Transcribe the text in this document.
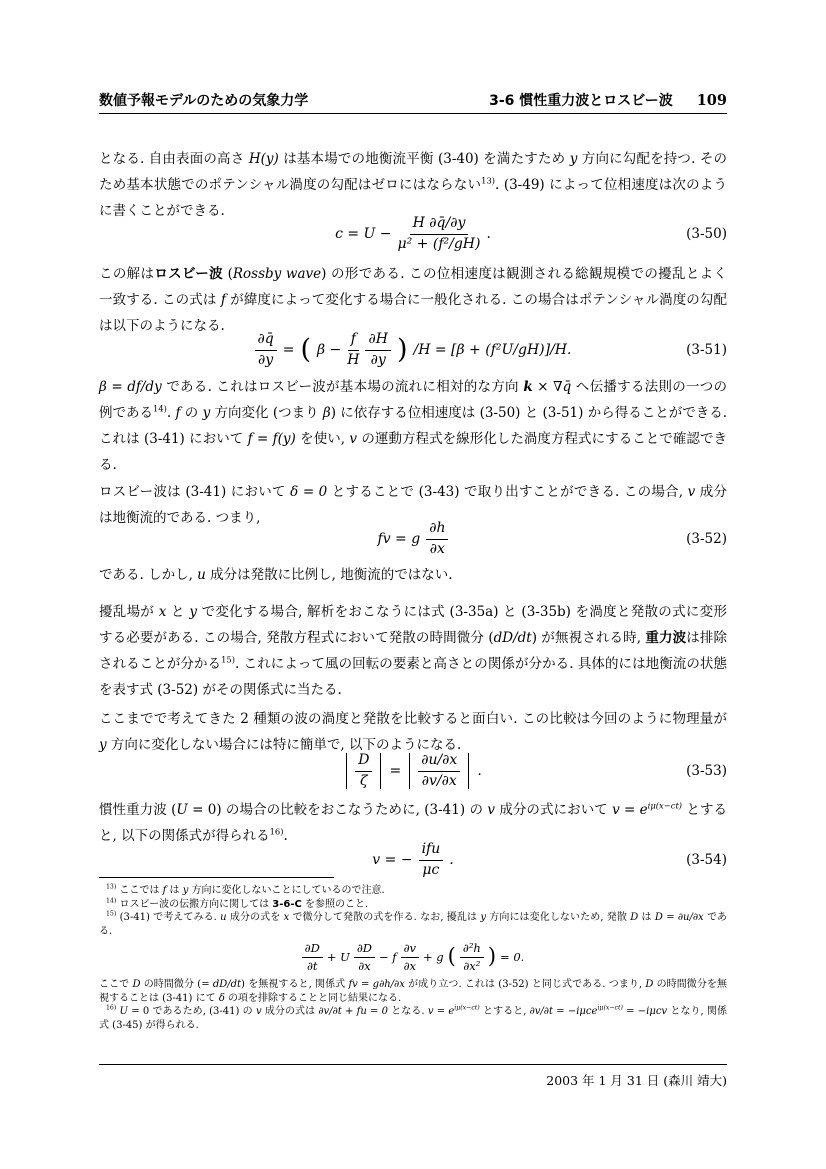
数値予報モデルのための気象力学	3-6 慣性重力波とロスビー波 109

となる. 自由表面の高さ H(y) は基本場での地衡流平衡 (3-40) を満たすため y 方向に勾配を持つ. そのため基本状態でのポテンシャル渦度の勾配はゼロにはならない$^{13)}$. (3-49) によって位相速度は次のように書くことができる.

$c = U - \frac{H \partial q̄/\partial y}{\text{μ² + (f²/gH)}}$ .	(3-50)

この解はロスビー波 (Rossby wave) の形である. この位相速度は観測される総観規模での擾乱とよく一致する. この式は f が緯度によって変化する場合に一般化される. この場合はポテンシャル渦度の勾配は以下のようになる.

$\frac{\partial q̄}{\partial y}$ = ( $\beta - \frac{f}{H} \frac{\partial H}{\partial y}$ ) /H = [β + (f²U/gH)]/H.	(3-51)

β = df/dy である. これはロスビー波が基本場の流れに相対的な方向 k × ∇q̄ へ伝播する法則の一つの例である$^{14)}$. f の y 方向変化 (つまり β) に依存する位相速度は (3-50) と (3-51) から得ることができる. これは (3-41) において f = f(y) を使い, v の運動方程式を線形化した渦度方程式にすることで確認できる.

ロスビー波は (3-41) において δ = 0 とすることで (3-43) で取り出すことができる. この場合, v 成分は地衡流的である. つまり,

fv = g $\frac{\partial h}{\partial x}$	(3-52)

である. しかし, u 成分は発散に比例し, 地衡流的ではない.

擾乱場が x と y で変化する場合, 解析をおこなうには式 (3-35a) と (3-35b) を渦度と発散の式に変形する必要がある. この場合, 発散方程式において発散の時間微分 (dD/dt) が無視される時, 重力波は排除されることが分かる$^{15)}$. これによって風の回転の要素と高さとの関係が分かる. 具体的には地衡流の状態を表す式 (3-52) がその関係式に当たる.

ここまでで考えてきた 2 種類の波の渦度と発散を比較すると面白い. この比較は今回のように物理量が y 方向に変化しない場合には特に簡単で, 以下のようになる.

$\frac{D}{\zeta} = \frac{\partial u/\partial x}{\partial v/\partial x}$ .	(3-53)

慣性重力波 (U = 0) の場合の比較をおこなうために, (3-41) の v 成分の式において $v = e^{i\mu(x-ct)}$ とすると, 以下の関係式が得られる$^{16)}$.

v = − $\frac{\text{ifu}}{\mu c}$ .	(3-54)

$^{13)}$ ここでは f は y 方向に変化しないことにしているので注意.

$^{14)}$ ロスビー波の伝搬方向に関しては 3-6-C を参照のこと.

$^{15)}$ (3-41) で考えてみる. u 成分の式を x で微分して発散の式を作る. なお, 擾乱は y 方向には変化しないため, 発散 D は D = ∂u/∂x である.

$\frac{\partial D}{\partial t} + U \frac{\partial D}{\partial x} - f \frac{\partial v}{\partial x} + g$ ( $\frac{\text{∂²h}}{\text{∂x²}}$ ) = 0.

ここで D の時間微分 (= dD/dt) を無視すると, 関係式 fv = g∂h/∂x が成り立つ. これは (3-52) と同じ式である. つまり, D の時間微分を無視することは (3-41) にて δ の項を排除することと同じ結果になる.

$^{16)}$ U = 0 であるため, (3-41) の v 成分の式は ∂v/∂t + fu = 0 となる. $v = e^{i\mu(x-ct)}$ とすると, ∂v/∂t = −iμce$^{i\mu(x-ct)}$ = −iμcv となり, 関係式 (3-45) が得られる.

2003 年 1 月 31 日 (森川 靖大)
